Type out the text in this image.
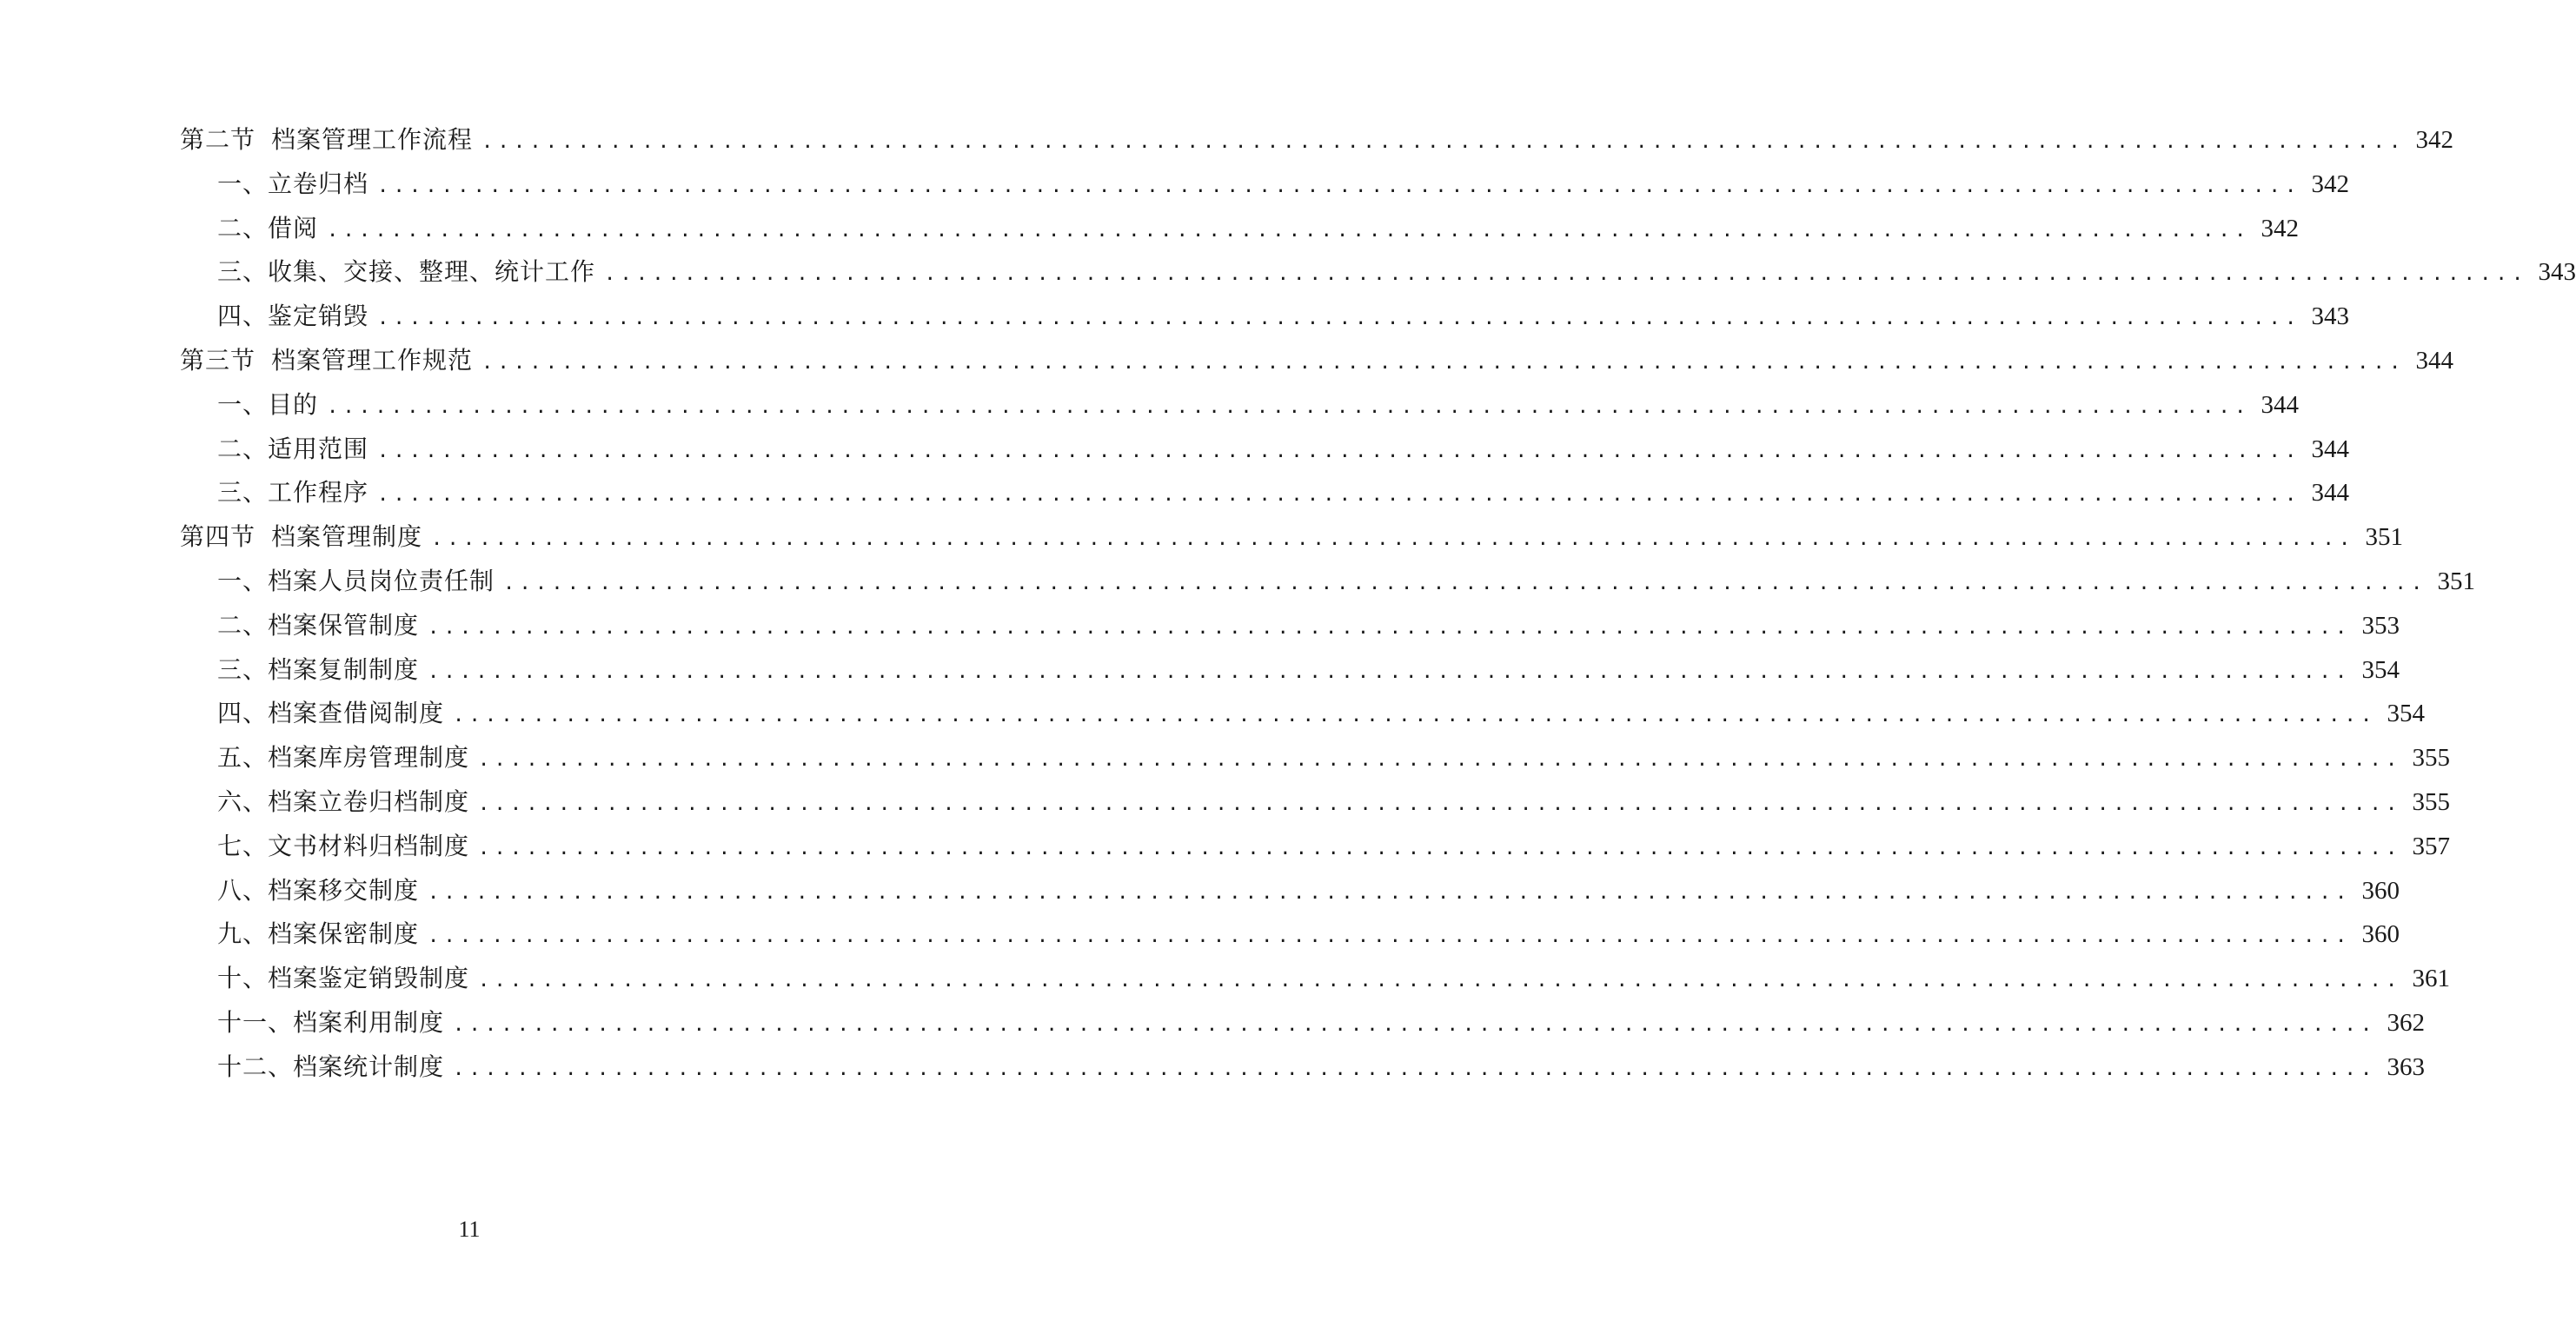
第二节 档案管理工作流程 ........................................................................................................................ 342
一、立卷归档 ........................................................................................................................ 342
二、借阅 ........................................................................................................................ 342
三、收集、交接、整理、统计工作 ........................................................................................................................ 343
四、鉴定销毁 ........................................................................................................................ 343
第三节 档案管理工作规范 ........................................................................................................................ 344
一、目的 ........................................................................................................................ 344
二、适用范围 ........................................................................................................................ 344
三、工作程序 ........................................................................................................................ 344
第四节 档案管理制度 ........................................................................................................................ 351
一、档案人员岗位责任制 ........................................................................................................................ 351
二、档案保管制度 ........................................................................................................................ 353
三、档案复制制度 ........................................................................................................................ 354
四、档案查借阅制度 ........................................................................................................................ 354
五、档案库房管理制度 ........................................................................................................................ 355
六、档案立卷归档制度 ........................................................................................................................ 355
七、文书材料归档制度 ........................................................................................................................ 357
八、档案移交制度 ........................................................................................................................ 360
九、档案保密制度 ........................................................................................................................ 360
十、档案鉴定销毁制度 ........................................................................................................................ 361
十一、档案利用制度 ........................................................................................................................ 362
十二、档案统计制度 ........................................................................................................................ 363
11
